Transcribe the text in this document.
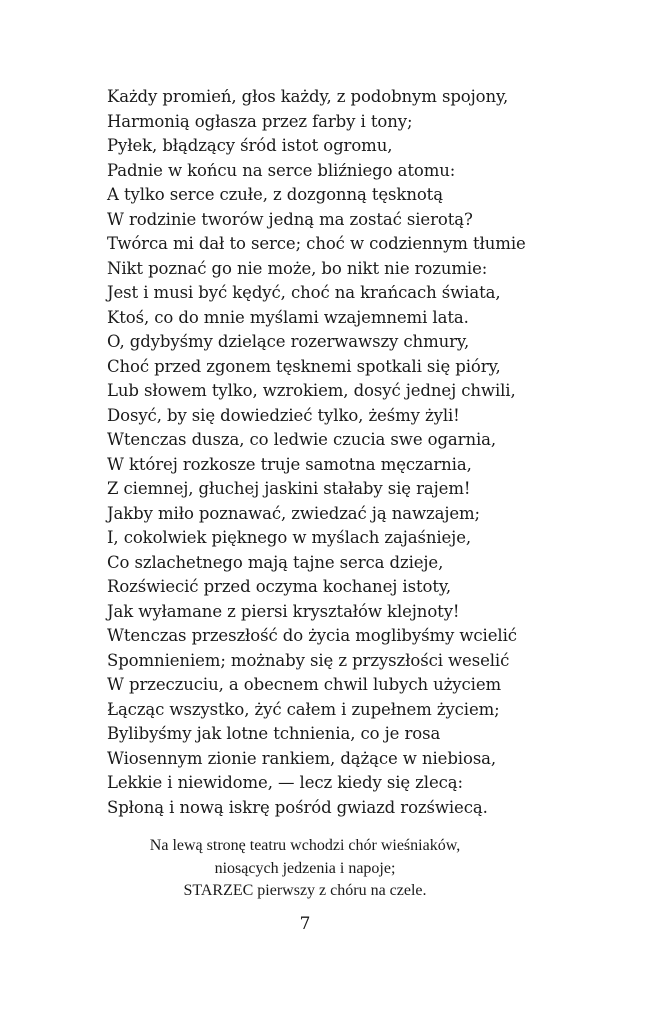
Każdy promień, głos każdy, z podobnym spojony,
Harmonią ogłasza przez farby i tony;
Pyłek, błądzący śród istot ogromu,
Padnie w końcu na serce bliźniego atomu:
A tylko serce czułe, z dozgonną tęsknotą
W rodzinie tworów jedną ma zostać sierotą?
Twórca mi dał to serce; choć w codziennym tłumie
Nikt poznać go nie może, bo nikt nie rozumie:
Jest i musi być kędyć, choć na krańcach świata,
Ktoś, co do mnie myślami wzajemnemi lata.
O, gdybyśmy dzielące rozerwawszy chmury,
Choć przed zgonem tęsknemi spotkali się pióry,
Lub słowem tylko, wzrokiem, dosyć jednej chwili,
Dosyć, by się dowiedzieć tylko, żeśmy żyli!
Wtenczas dusza, co ledwie czucia swe ogarnia,
W której rozkosze truje samotna męczarnia,
Z ciemnej, głuchej jaskini stałaby się rajem!
Jakby miło poznawać, zwiedzać ją nawzajem;
I, cokolwiek pięknego w myślach zajaśnieje,
Co szlachetnego mają tajne serca dzieje,
Rozświecić przed oczyma kochanej istoty,
Jak wyłamane z piersi kryształów klejnoty!
Wtenczas przeszłość do życia moglibyśmy wcielić
Spomnieniem; możnaby się z przyszłości weselić
W przeczuciu, a obecnem chwil lubych użyciem
Łącząc wszystko, żyć całem i zupełnem życiem;
Bylibyśmy jak lotne tchnienia, co je rosa
Wiosennym zionie rankiem, dążące w niebiosa,
Lekkie i niewidome, — lecz kiedy się zlecą:
Spłoną i nową iskrę pośród gwiazd rozświecą.
Na lewą stronę teatru wchodzi chór wieśniaków,
niosących jedzenia i napoje;
STARZEC pierwszy z chóru na czele.
7
